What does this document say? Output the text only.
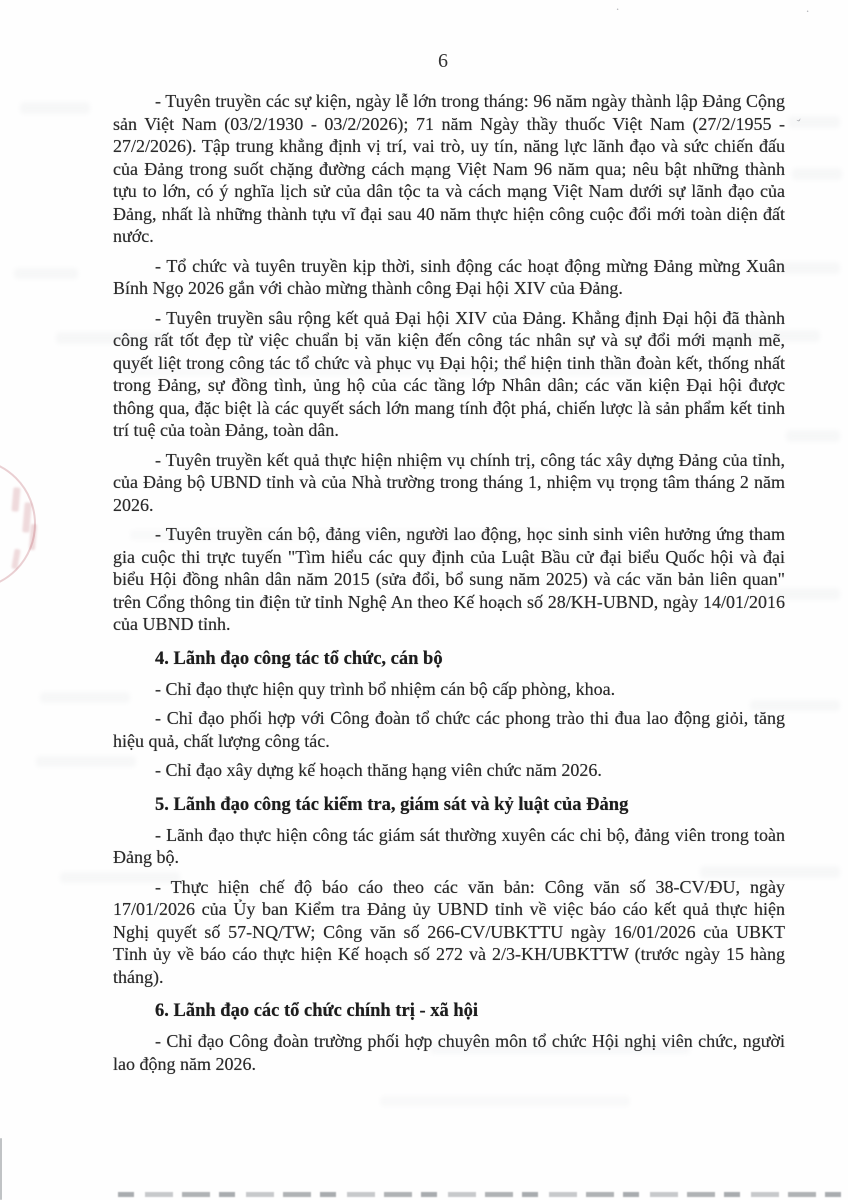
6

- Tuyên truyền các sự kiện, ngày lễ lớn trong tháng: 96 năm ngày thành lập Đảng Cộng sản Việt Nam (03/2/1930 - 03/2/2026); 71 năm Ngày thầy thuốc Việt Nam (27/2/1955 - 27/2/2026). Tập trung khẳng định vị trí, vai trò, uy tín, năng lực lãnh đạo và sức chiến đấu của Đảng trong suốt chặng đường cách mạng Việt Nam 96 năm qua; nêu bật những thành tựu to lớn, có ý nghĩa lịch sử của dân tộc ta và cách mạng Việt Nam dưới sự lãnh đạo của Đảng, nhất là những thành tựu vĩ đại sau 40 năm thực hiện công cuộc đổi mới toàn diện đất nước.

- Tổ chức và tuyên truyền kịp thời, sinh động các hoạt động mừng Đảng mừng Xuân Bính Ngọ 2026 gắn với chào mừng thành công Đại hội XIV của Đảng.

- Tuyên truyền sâu rộng kết quả Đại hội XIV của Đảng. Khẳng định Đại hội đã thành công rất tốt đẹp từ việc chuẩn bị văn kiện đến công tác nhân sự và sự đổi mới mạnh mẽ, quyết liệt trong công tác tổ chức và phục vụ Đại hội; thể hiện tinh thần đoàn kết, thống nhất trong Đảng, sự đồng tình, ủng hộ của các tầng lớp Nhân dân; các văn kiện Đại hội được thông qua, đặc biệt là các quyết sách lớn mang tính đột phá, chiến lược là sản phẩm kết tinh trí tuệ của toàn Đảng, toàn dân.

- Tuyên truyền kết quả thực hiện nhiệm vụ chính trị, công tác xây dựng Đảng của tỉnh, của Đảng bộ UBND tỉnh và của Nhà trường trong tháng 1, nhiệm vụ trọng tâm tháng 2 năm 2026.

- Tuyên truyền cán bộ, đảng viên, người lao động, học sinh sinh viên hưởng ứng tham gia cuộc thi trực tuyến "Tìm hiểu các quy định của Luật Bầu cử đại biểu Quốc hội và đại biểu Hội đồng nhân dân năm 2015 (sửa đổi, bổ sung năm 2025) và các văn bản liên quan" trên Cổng thông tin điện tử tỉnh Nghệ An theo Kế hoạch số 28/KH-UBND, ngày 14/01/2016 của UBND tỉnh.

4. Lãnh đạo công tác tổ chức, cán bộ

- Chỉ đạo thực hiện quy trình bổ nhiệm cán bộ cấp phòng, khoa.

- Chỉ đạo phối hợp với Công đoàn tổ chức các phong trào thi đua lao động giỏi, tăng hiệu quả, chất lượng công tác.

- Chỉ đạo xây dựng kế hoạch thăng hạng viên chức năm 2026.

5. Lãnh đạo công tác kiểm tra, giám sát và kỷ luật của Đảng

- Lãnh đạo thực hiện công tác giám sát thường xuyên các chi bộ, đảng viên trong toàn Đảng bộ.

- Thực hiện chế độ báo cáo theo các văn bản: Công văn số 38-CV/ĐU, ngày 17/01/2026 của Ủy ban Kiểm tra Đảng ủy UBND tỉnh về việc báo cáo kết quả thực hiện Nghị quyết số 57-NQ/TW; Công văn số 266-CV/UBKTTU ngày 16/01/2026 của UBKT Tỉnh ủy về báo cáo thực hiện Kế hoạch số 272 và 2/3-KH/UBKTTW (trước ngày 15 hàng tháng).

6. Lãnh đạo các tổ chức chính trị - xã hội

- Chỉ đạo Công đoàn trường phối hợp chuyên môn tổ chức Hội nghị viên chức, người lao động năm 2026.

ˇ
.	.
